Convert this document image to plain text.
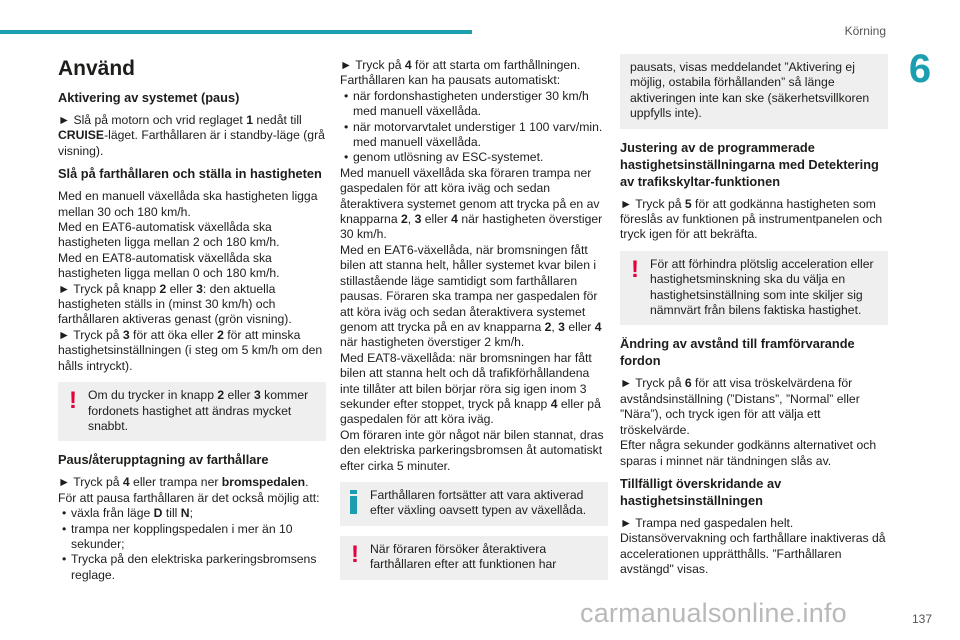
Körning
6
Använd
Aktivering av systemet (paus)

► Slå på motorn och vrid reglaget 1 nedåt till CRUISE-läget. Farthållaren är i standby-läge (grå visning).

Slå på farthållaren och ställa in hastigheten

Med en manuell växellåda ska hastigheten ligga mellan 30 och 180 km/h.
Med en EAT6-automatisk växellåda ska hastigheten ligga mellan 2 och 180 km/h.
Med en EAT8-automatisk växellåda ska hastigheten ligga mellan 0 och 180 km/h.
► Tryck på knapp 2 eller 3: den aktuella hastigheten ställs in (minst 30 km/h) och farthållaren aktiveras genast (grön visning).
► Tryck på 3 för att öka eller 2 för att minska hastighetsinställningen (i steg om 5 km/h om den hålls intryckt).

! Om du trycker in knapp 2 eller 3 kommer fordonets hastighet att ändras mycket snabbt.
Paus/återupptagning av farthållare

► Tryck på 4 eller trampa ner bromspedalen.
För att pausa farthållaren är det också möjlig att:
• växla från läge D till N;
• trampa ner kopplingspedalen i mer än 10 sekunder;
• Trycka på den elektriska parkeringsbromsens reglage.

► Tryck på 4 för att starta om farthållningen.
Farthållaren kan ha pausats automatiskt:
• när fordonshastigheten understiger 30 km/h med manuell växellåda.
• när motorvarvtalet understiger 1 100 varv/min. med manuell växellåda.
• genom utlösning av ESC-systemet.
Med manuell växellåda ska föraren trampa ner gaspedalen för att köra iväg och sedan återaktivera systemet genom att trycka på en av knapparna 2, 3 eller 4 när hastigheten överstiger 30 km/h.
Med en EAT6-växellåda, när bromsningen fått bilen att stanna helt, håller systemet kvar bilen i stillastående läge samtidigt som farthållaren pausas. Föraren ska trampa ner gaspedalen för att köra iväg och sedan återaktivera systemet genom att trycka på en av knapparna 2, 3 eller 4 när hastigheten överstiger 2 km/h.
Med EAT8-växellåda: när bromsningen har fått bilen att stanna helt och då trafikförhållandena inte tillåter att bilen börjar röra sig igen inom 3 sekunder efter stoppet, tryck på knapp 4 eller på gaspedalen för att köra iväg.
Om föraren inte gör något när bilen stannat, dras den elektriska parkeringsbromsen åt automatiskt efter cirka 5 minuter.

Farthållaren fortsätter att vara aktiverad efter växling oavsett typen av växellåda.
! När föraren försöker återaktivera farthållaren efter att funktionen har
pausats, visas meddelandet ”Aktivering ej möjlig, ostabila förhållanden” så länge aktiveringen inte kan ske (säkerhetsvillkoren uppfylls inte).
Justering av de programmerade hastighetsinställningarna med Detektering av trafikskyltar-funktionen

► Tryck på 5 för att godkänna hastigheten som föreslås av funktionen på instrumentpanelen och tryck igen för att bekräfta.

! För att förhindra plötslig acceleration eller hastighetsminskning ska du välja en hastighetsinställning som inte skiljer sig nämnvärt från bilens faktiska hastighet.
Ändring av avstånd till framförvarande fordon

► Tryck på 6 för att visa tröskelvärdena för avståndsinställning (”Distans”, ”Normal” eller ”Nära”), och tryck igen för att välja ett tröskelvärde.
Efter några sekunder godkänns alternativet och sparas i minnet när tändningen slås av.

Tillfälligt överskridande av hastighetsinställningen

► Trampa ned gaspedalen helt. Distansövervakning och farthållare inaktiveras då accelerationen upprätthålls. ”Farthållaren avstängd" visas.

carmanualsonline.info	137
